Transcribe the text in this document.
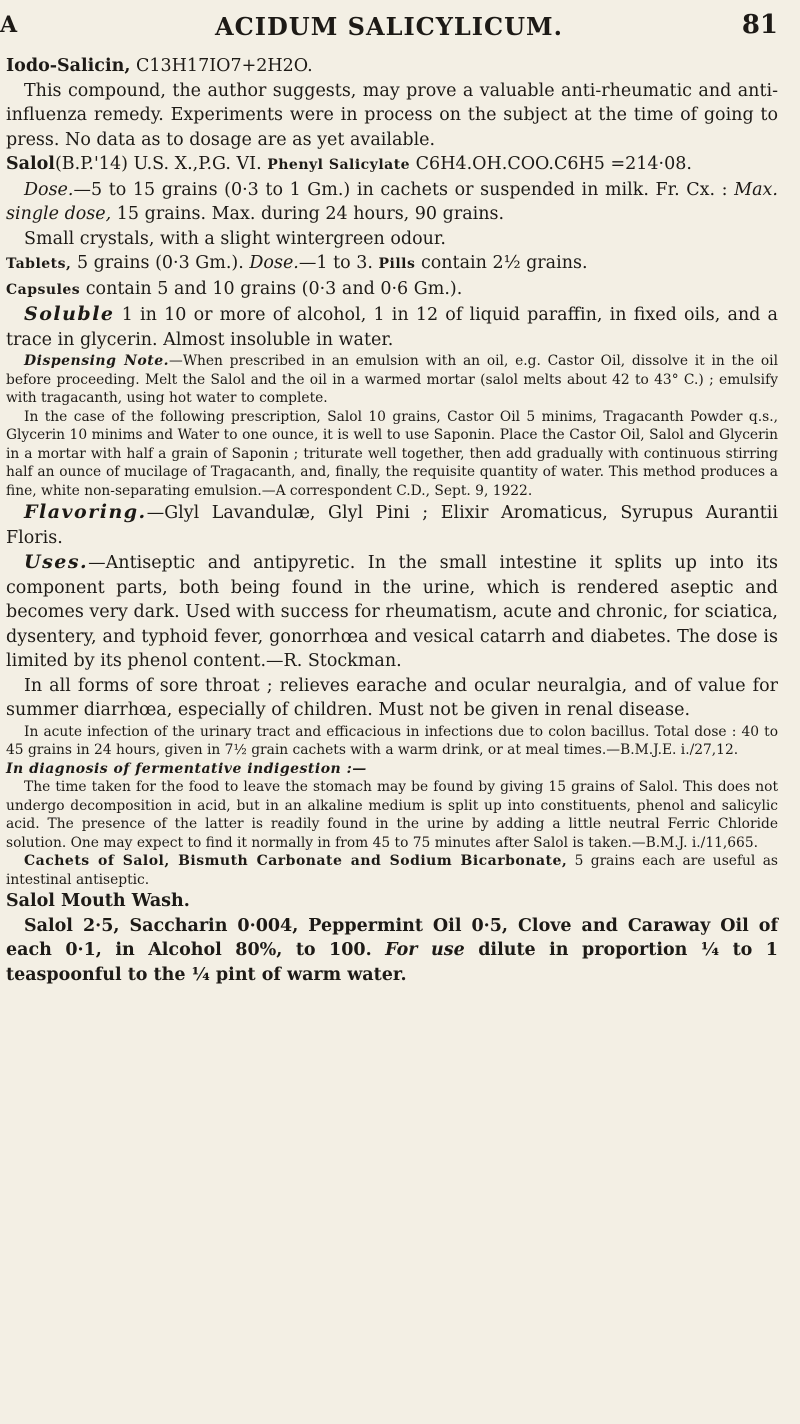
A	ACIDUM SALICYLICUM.	81

Iodo-Salicin, C13H17IO7+2H2O.

This compound, the author suggests, may prove a valuable anti-rheumatic and anti-influenza remedy. Experiments were in process on the subject at the time of going to press. No data as to dosage are as yet available.

Salol(B.P.'14) U.S. X.,P.G. VI. Phenyl Salicylate C6H4.OH.COO.C6H5 =214·08.

Dose.—5 to 15 grains (0·3 to 1 Gm.) in cachets or suspended in milk. Fr. Cx. : Max. single dose, 15 grains. Max. during 24 hours, 90 grains.

Small crystals, with a slight wintergreen odour.

Tablets, 5 grains (0·3 Gm.). Dose.—1 to 3. Pills contain 2½ grains.

Capsules contain 5 and 10 grains (0·3 and 0·6 Gm.).

Soluble 1 in 10 or more of alcohol, 1 in 12 of liquid paraffin, in fixed oils, and a trace in glycerin. Almost insoluble in water.

Dispensing Note.—When prescribed in an emulsion with an oil, e.g. Castor Oil, dissolve it in the oil before proceeding. Melt the Salol and the oil in a warmed mortar (salol melts about 42 to 43° C.) ; emulsify with tragacanth, using hot water to complete.

In the case of the following prescription, Salol 10 grains, Castor Oil 5 minims, Tragacanth Powder q.s., Glycerin 10 minims and Water to one ounce, it is well to use Saponin. Place the Castor Oil, Salol and Glycerin in a mortar with half a grain of Saponin ; triturate well together, then add gradually with continuous stirring half an ounce of mucilage of Tragacanth, and, finally, the requisite quantity of water. This method produces a fine, white non-separating emulsion.—A correspondent C.D., Sept. 9, 1922.

Flavoring.—Glyl Lavandulæ, Glyl Pini ; Elixir Aromaticus, Syrupus Aurantii Floris.

Uses.—Antiseptic and antipyretic. In the small intestine it splits up into its component parts, both being found in the urine, which is rendered aseptic and becomes very dark. Used with success for rheumatism, acute and chronic, for sciatica, dysentery, and typhoid fever, gonorrhœa and vesical catarrh and diabetes. The dose is limited by its phenol content.—R. Stockman.

In all forms of sore throat ; relieves earache and ocular neuralgia, and of value for summer diarrhœa, especially of children. Must not be given in renal disease.

In acute infection of the urinary tract and efficacious in infections due to colon bacillus. Total dose : 40 to 45 grains in 24 hours, given in 7½ grain cachets with a warm drink, or at meal times.—B.M.J.E. i./27,12.

In diagnosis of fermentative indigestion :—

The time taken for the food to leave the stomach may be found by giving 15 grains of Salol. This does not undergo decomposition in acid, but in an alkaline medium is split up into constituents, phenol and salicylic acid. The presence of the latter is readily found in the urine by adding a little neutral Ferric Chloride solution. One may expect to find it normally in from 45 to 75 minutes after Salol is taken.—B.M.J. i./11,665.

Cachets of Salol, Bismuth Carbonate and Sodium Bicarbonate, 5 grains each are useful as intestinal antiseptic.

Salol Mouth Wash.

Salol 2·5, Saccharin 0·004, Peppermint Oil 0·5, Clove and Caraway Oil of each 0·1, in Alcohol 80%, to 100. For use dilute in proportion ¼ to 1 teaspoonful to the ¼ pint of warm water.
